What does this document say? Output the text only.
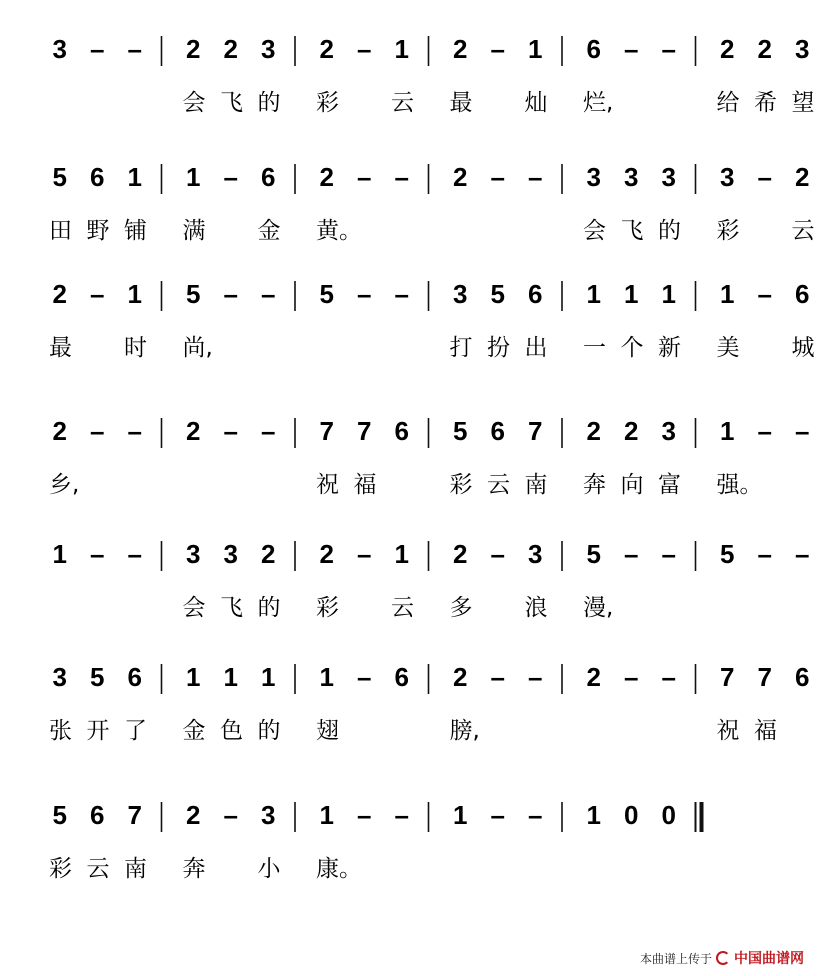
3 – – 2
会
2
飞
3
的
2
彩
– 1
云
2
最
– 1
灿
6
烂,
– – 2
给
2
希
3
望
5
田
6
野
1
铺
1
满
– 6
金
2
黄。
– – 2 – – 3
会
3
飞
3
的
3
彩
– 2
云
2
最
– 1
时
5
尚,
– – 5 – – 3
打
5
扮
6
出
1
一
1
个
1
新
1
美
– 6
城
2
乡,
– – 2 – – 7
祝
7
福
6 5
彩
6
云
7
南
2
奔
2
向
3
富
1
强。
– –
1 – – 3
会
3
飞
2
的
2
彩
– 1
云
2
多
– 3
浪
5
漫,
– – 5 – –
3
张
5
开
6
了
1
金
1
色
1
的
1
翅
– 6 2
膀,
– – 2 – – 7
祝
7
福
6
5
彩
6
云
7
南
2
奔
– 3
小
1
康。
– – 1 – – 1 0 0
本曲谱上传于 中国曲谱网
